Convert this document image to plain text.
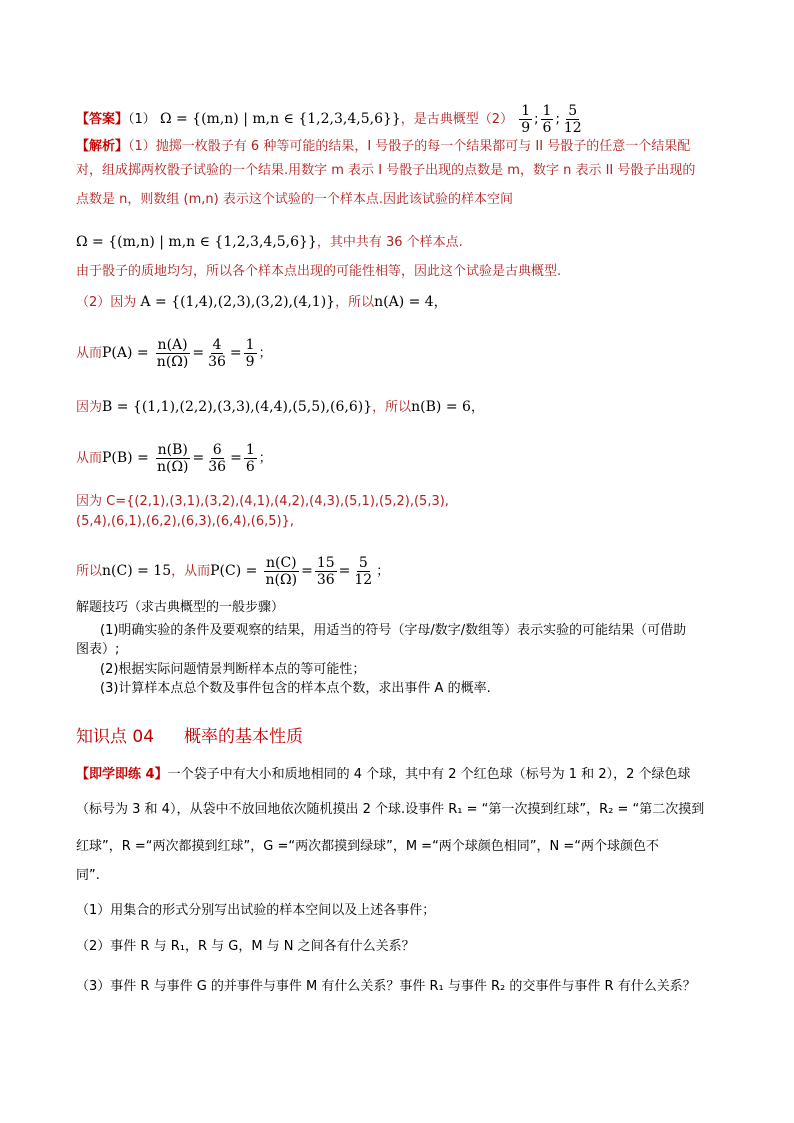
【答案】（1） Ω = {(m,n) | m,n ∈ {1,2,3,4,5,6}}，是古典概型$(2) \frac{1}{9}$ ; $\frac{1}{6}$ ; $\frac{5}{12}$
【解析】（1）抛掷一枚骰子有 6 种等可能的结果，I 号骰子的每一个结果都可与 II 号骰子的任意一个结果配
对，组成掷两枚骰子试验的一个结果.用数字 m 表示 I 号骰子出现的点数是 m，数字 n 表示 II 号骰子出现的
点数是 n，则数组 (m,n) 表示这个试验的一个样本点.因此该试验的样本空间
Ω = {(m,n) | m,n ∈ {1,2,3,4,5,6}}，其中共有 36 个样本点.
由于骰子的质地均匀，所以各个样本点出现的可能性相等，因此这个试验是古典概型.
（2）因为 A = {(1,4),(2,3),(3,2),(4,1)}，所以n(A) = 4，
从而$P(A) = \frac{n(A)}{n(\Omega)} = \frac{4}{36} = \frac{1}{9}$ ；
因为B = {(1,1),(2,2),(3,3),(4,4),(5,5),(6,6)}，所以n(B) = 6，
从而$P(B) = \frac{n(B)}{n(\Omega)} = \frac{6}{36} = \frac{1}{6}$ ；
因为 C={(2,1),(3,1),(3,2),(4,1),(4,2),(4,3),(5,1),(5,2),(5,3),
(5,4),(6,1),(6,2),(6,3),(6,4),(6,5)},
所以n(C) = 15，从而$P(C) = \frac{n(C)}{n(\Omega)} = \frac{15}{36} = \frac{5}{12}$ ；
解题技巧（求古典概型的一般步骤）
(1)明确实验的条件及要观察的结果，用适当的符号（字母/数字/数组等）表示实验的可能结果（可借助
图表）;
(2)根据实际问题情景判断样本点的等可能性；
(3)计算样本点总个数及事件包含的样本点个数，求出事件 A 的概率.
知识点 04 概率的基本性质
【即学即练 4】一个袋子中有大小和质地相同的 4 个球，其中有 2 个红色球（标号为 1 和 2），2 个绿色球
（标号为 3 和 4），从袋中不放回地依次随机摸出 2 个球.设事件 R₁ = “第一次摸到红球”，R₂ = “第二次摸到
红球”，R =“两次都摸到红球”，G =“两次都摸到绿球”，M =“两个球颜色相同”，N =“两个球颜色不
同”.
（1）用集合的形式分别写出试验的样本空间以及上述各事件；
（2）事件 R 与 R₁，R 与 G，M 与 N 之间各有什么关系？
（3）事件 R 与事件 G 的并事件与事件 M 有什么关系？事件 R₁ 与事件 R₂ 的交事件与事件 R 有什么关系？
